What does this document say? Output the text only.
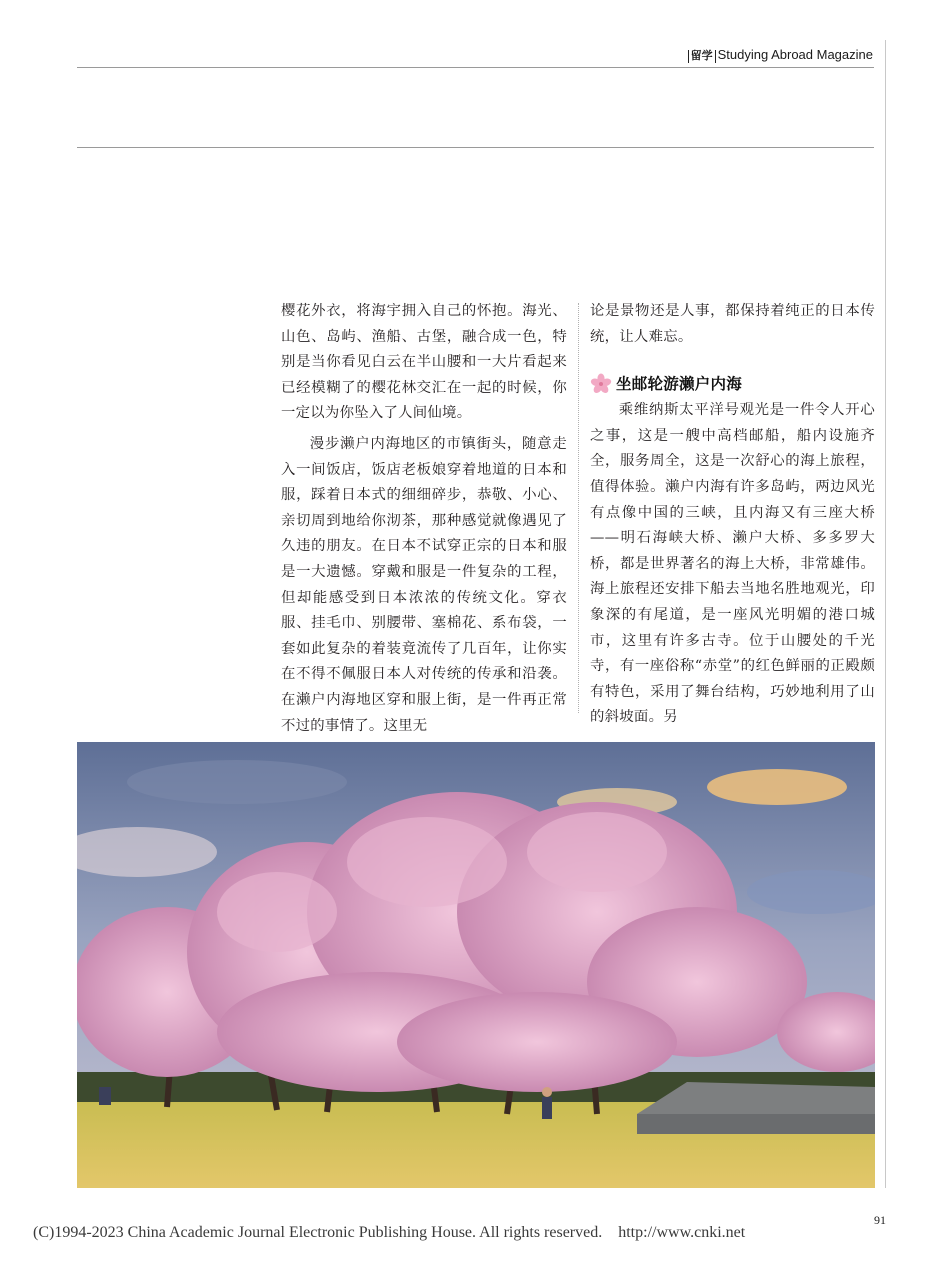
留学 Studying Abroad Magazine

樱花外衣，将海宇拥入自己的怀抱。海光、山色、岛屿、渔船、古堡，融合成一色，特别是当你看见白云在半山腰和一大片看起来已经模糊了的樱花林交汇在一起的时候，你一定以为你坠入了人间仙境。

漫步濑户内海地区的市镇街头，随意走入一间饭店，饭店老板娘穿着地道的日本和服，踩着日本式的细细碎步，恭敬、小心、亲切周到地给你沏茶，那种感觉就像遇见了久违的朋友。在日本不试穿正宗的日本和服是一大遗憾。穿戴和服是一件复杂的工程，但却能感受到日本浓浓的传统文化。穿衣服、挂毛巾、别腰带、塞棉花、系布袋，一套如此复杂的着装竟流传了几百年，让你实在不得不佩服日本人对传统的传承和沿袭。在濑户内海地区穿和服上街，是一件再正常不过的事情了。这里无

论是景物还是人事，都保持着纯正的日本传统，让人难忘。

坐邮轮游濑户内海

乘维纳斯太平洋号观光是一件令人开心之事，这是一艘中高档邮船，船内设施齐全，服务周全，这是一次舒心的海上旅程，值得体验。濑户内海有许多岛屿，两边风光有点像中国的三峡，且内海又有三座大桥——明石海峡大桥、濑户大桥、多多罗大桥，都是世界著名的海上大桥，非常雄伟。海上旅程还安排下船去当地名胜地观光，印象深的有尾道，是一座风光明媚的港口城市，这里有许多古寺。位于山腰处的千光寺，有一座俗称“赤堂”的红色鲜丽的正殿颇有特色，采用了舞台结构，巧妙地利用了山的斜坡面。另

(C)1994-2023 China Academic Journal Electronic Publishing House. All rights reserved. http://www.cnki.net
91
